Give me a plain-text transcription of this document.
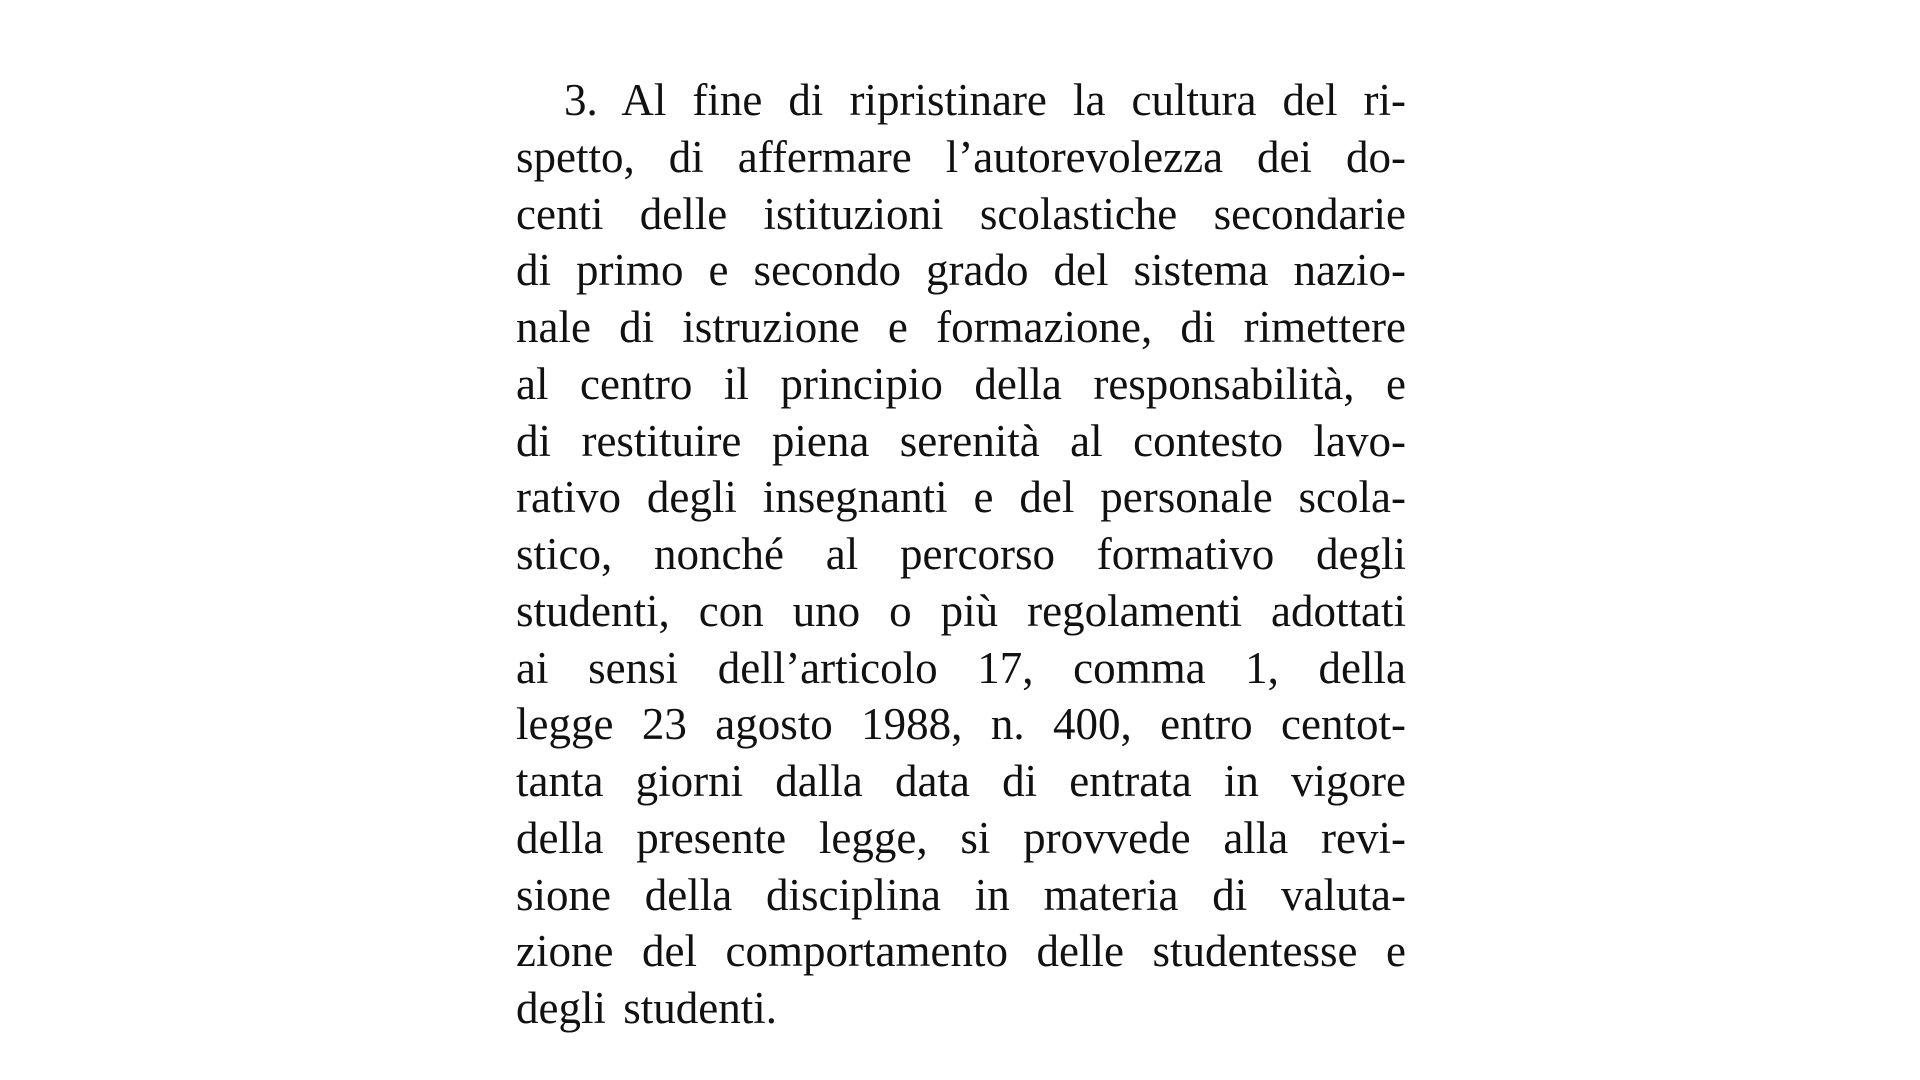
3. Al fine di ripristinare la cultura del ri-
spetto, di affermare l’autorevolezza dei do-
centi delle istituzioni scolastiche secondarie
di primo e secondo grado del sistema nazio-
nale di istruzione e formazione, di rimettere
al centro il principio della responsabilità, e
di restituire piena serenità al contesto lavo-
rativo degli insegnanti e del personale scola-
stico, nonché al percorso formativo degli
studenti, con uno o più regolamenti adottati
ai sensi dell’articolo 17, comma 1, della
legge 23 agosto 1988, n. 400, entro centot-
tanta giorni dalla data di entrata in vigore
della presente legge, si provvede alla revi-
sione della disciplina in materia di valuta-
zione del comportamento delle studentesse e
degli studenti.
